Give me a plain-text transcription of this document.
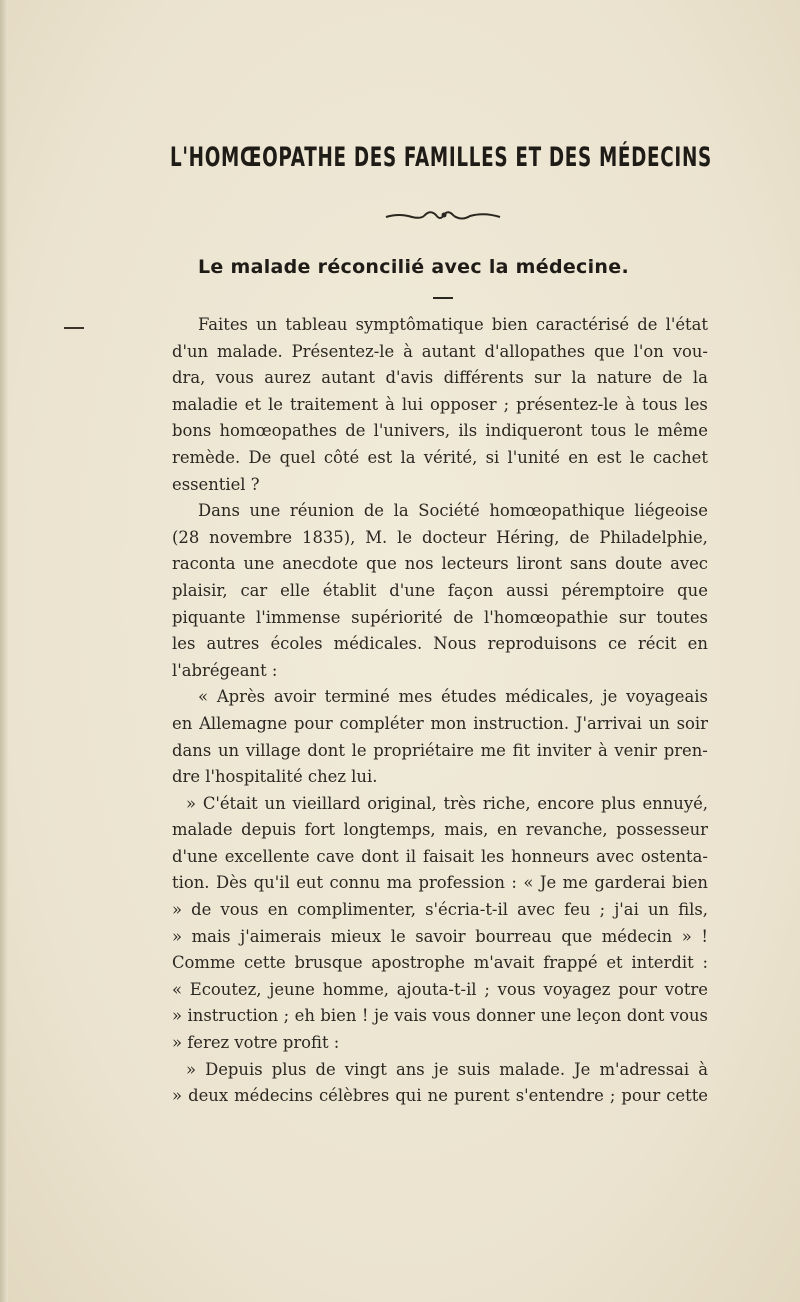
L'HOMŒOPATHE DES FAMILLES ET DES MÉDECINS
Le malade réconcilié avec la médecine.
Faites un tableau symptômatique bien caractérisé de l'état
d'un malade. Présentez-le à autant d'allopathes que l'on vou-
dra, vous aurez autant d'avis différents sur la nature de la
maladie et le traitement à lui opposer ; présentez-le à tous les
bons homœopathes de l'univers, ils indiqueront tous le même
remède. De quel côté est la vérité, si l'unité en est le cachet
essentiel ?
Dans une réunion de la Société homœopathique liégeoise
(28 novembre 1835), M. le docteur Héring, de Philadelphie,
raconta une anecdote que nos lecteurs liront sans doute avec
plaisir, car elle établit d'une façon aussi péremptoire que
piquante l'immense supériorité de l'homœopathie sur toutes
les autres écoles médicales. Nous reproduisons ce récit en
l'abrégeant :
« Après avoir terminé mes études médicales, je voyageais
en Allemagne pour compléter mon instruction. J'arrivai un soir
dans un village dont le propriétaire me fit inviter à venir pren-
dre l'hospitalité chez lui.
» C'était un vieillard original, très riche, encore plus ennuyé,
malade depuis fort longtemps, mais, en revanche, possesseur
d'une excellente cave dont il faisait les honneurs avec ostenta-
tion. Dès qu'il eut connu ma profession : « Je me garderai bien
» de vous en complimenter, s'écria-t-il avec feu ; j'ai un fils,
» mais j'aimerais mieux le savoir bourreau que médecin » !
Comme cette brusque apostrophe m'avait frappé et interdit :
« Ecoutez, jeune homme, ajouta-t-il ; vous voyagez pour votre
» instruction ; eh bien ! je vais vous donner une leçon dont vous
» ferez votre profit :
» Depuis plus de vingt ans je suis malade. Je m'adressai à
» deux médecins célèbres qui ne purent s'entendre ; pour cette
